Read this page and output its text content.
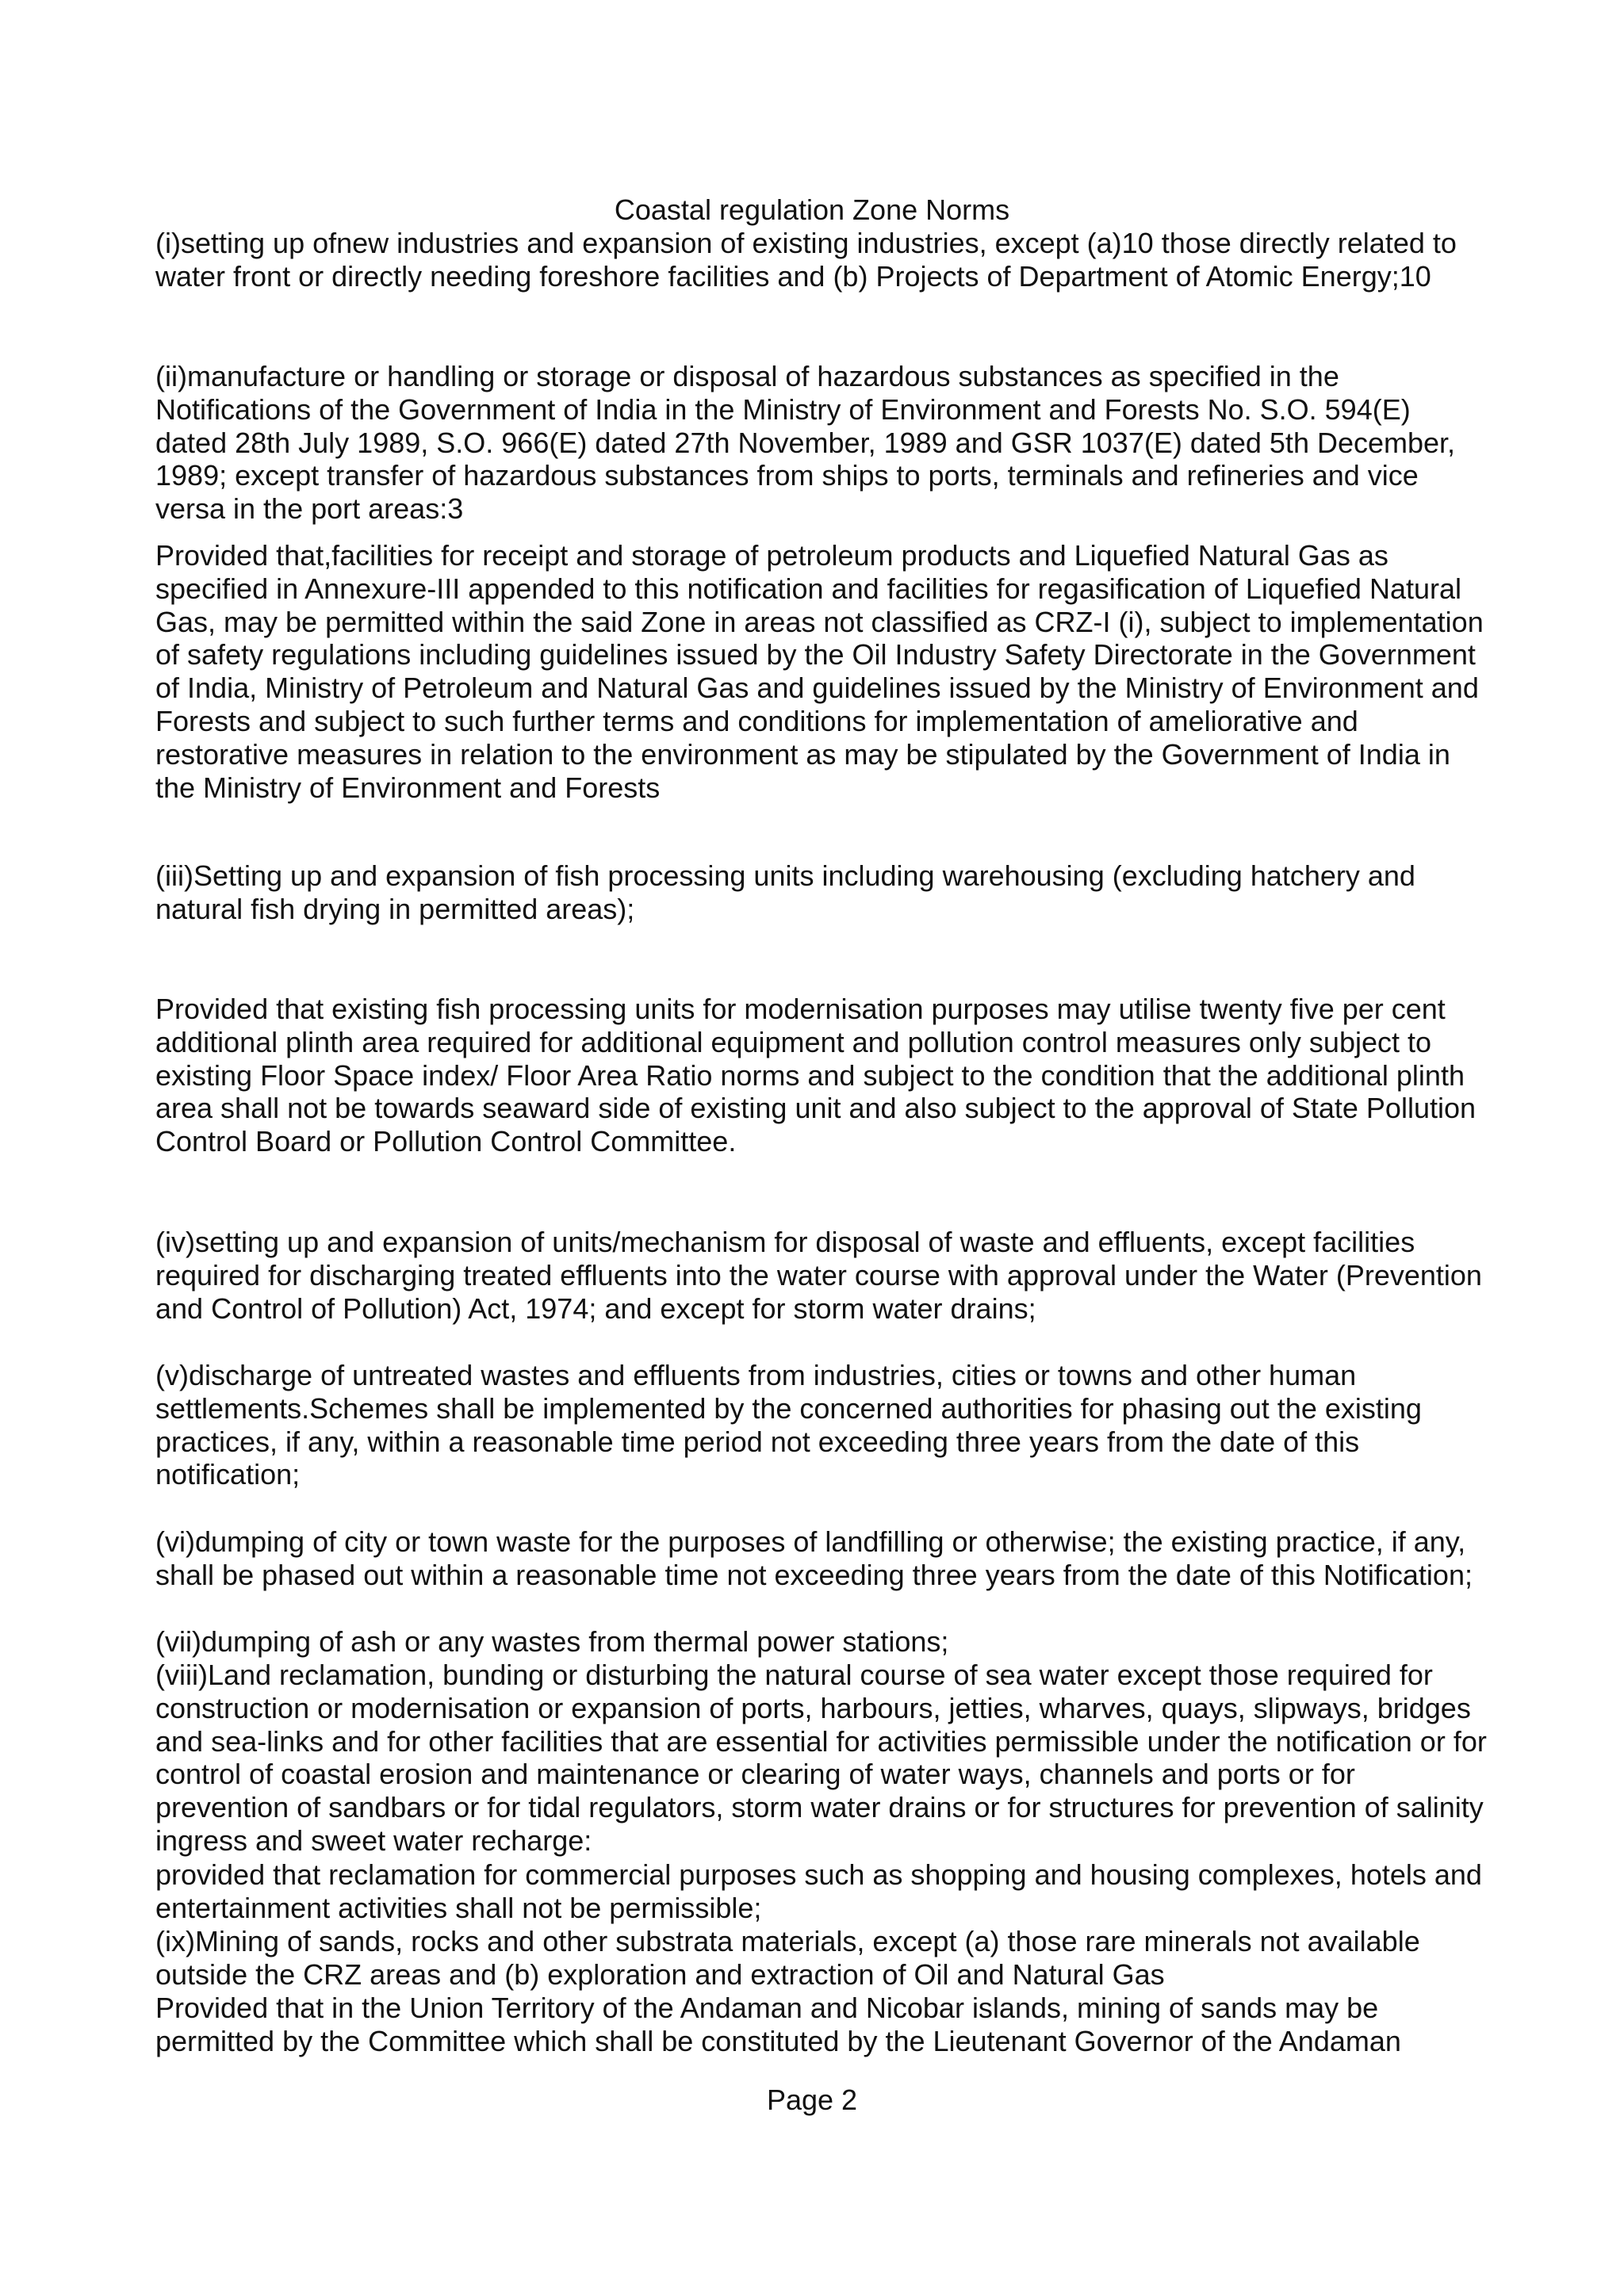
Coastal regulation Zone Norms

(i)setting up ofnew industries and expansion of existing industries, except (a)10 those directly related to water front or directly needing foreshore facilities and (b) Projects of Department of Atomic Energy;10

(ii)manufacture or handling or storage or disposal of hazardous substances as specified in the Notifications of the Government of India in the Ministry of Environment and Forests No. S.O. 594(E) dated 28th July 1989, S.O. 966(E) dated 27th November, 1989 and GSR 1037(E) dated 5th December, 1989; except transfer of hazardous substances from ships to ports, terminals and refineries and vice versa in the port areas:3

Provided that,facilities for receipt and storage of petroleum products and Liquefied Natural Gas as specified in Annexure-III appended to this notification and facilities for regasification of Liquefied Natural Gas, may be permitted within the said Zone in areas not classified as CRZ-I (i), subject to implementation of safety regulations including guidelines issued by the Oil Industry Safety Directorate in the Government of India, Ministry of Petroleum and Natural Gas and guidelines issued by the Ministry of Environment and Forests and subject to such further terms and conditions for implementation of ameliorative and restorative measures in relation to the environment as may be stipulated by the Government of India in the Ministry of Environment and Forests

(iii)Setting up and expansion of fish processing units including warehousing (excluding hatchery and natural fish drying in permitted areas);

Provided that existing fish processing units for modernisation purposes may utilise twenty five per cent additional plinth area required for additional equipment and pollution control measures only subject to existing Floor Space index/ Floor Area Ratio norms and subject to the condition that the additional plinth area shall not be towards seaward side of existing unit and also subject to the approval of State Pollution Control Board or Pollution Control Committee.

(iv)setting up and expansion of units/mechanism for disposal of waste and effluents, except facilities required for discharging treated effluents into the water course with approval under the Water (Prevention and Control of Pollution) Act, 1974; and except for storm water drains;

(v)discharge of untreated wastes and effluents from industries, cities or towns and other human settlements.Schemes shall be implemented by the concerned authorities for phasing out the existing practices, if any, within a reasonable time period not exceeding three years from the date of this notification;

(vi)dumping of city or town waste for the purposes of landfilling or otherwise; the existing practice, if any, shall be phased out within a reasonable time not exceeding three years from the date of this Notification;

(vii)dumping of ash or any wastes from thermal power stations;

(viii)Land reclamation, bunding or disturbing the natural course of sea water except those required for construction or modernisation or expansion of ports, harbours, jetties, wharves, quays, slipways, bridges and sea-links and for other facilities that are essential for activities permissible under the notification or for control of coastal erosion and maintenance or clearing of water ways, channels and ports or for prevention of sandbars or for tidal regulators, storm water drains or for structures for prevention of salinity ingress and sweet water recharge:

provided that reclamation for commercial purposes such as shopping and housing complexes, hotels and entertainment activities shall not be permissible;

(ix)Mining of sands, rocks and other substrata materials, except (a) those rare minerals not available outside the CRZ areas and (b) exploration and extraction of Oil and Natural Gas

Provided that in the Union Territory of the Andaman and Nicobar islands, mining of sands may be permitted by the Committee which shall be constituted by the Lieutenant Governor of the Andaman

Page 2
